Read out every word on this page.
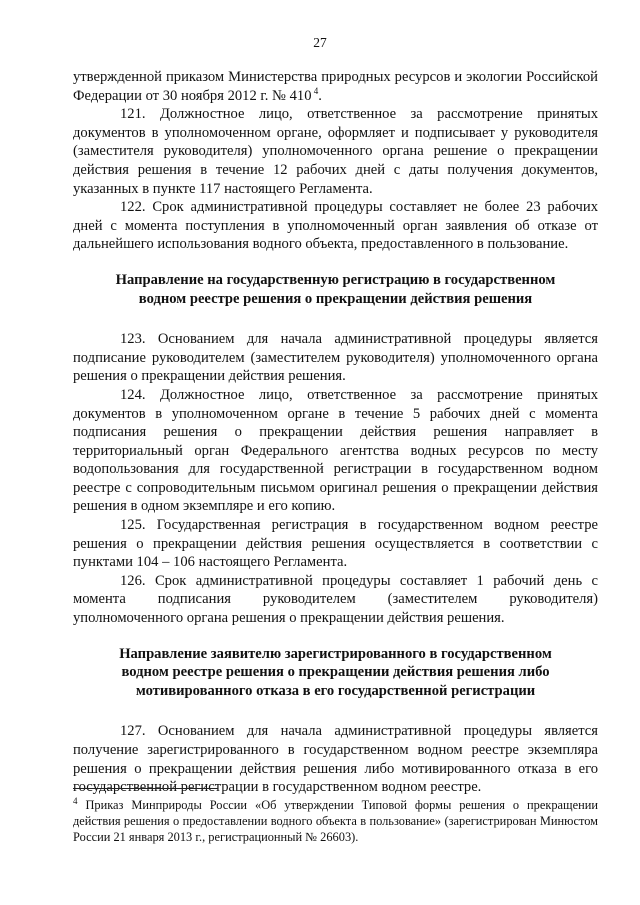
27

утвержденной приказом Министерства природных ресурсов и экологии Российской Федерации от 30 ноября 2012 г. № 410 $^4$.

121. Должностное лицо, ответственное за рассмотрение принятых документов в уполномоченном органе, оформляет и подписывает у руководителя (заместителя руководителя) уполномоченного органа решение о прекращении действия решения в течение 12 рабочих дней с даты получения документов, указанных в пункте 117 настоящего Регламента.

122. Срок административной процедуры составляет не более 23 рабочих дней с момента поступления в уполномоченный орган заявления об отказе от дальнейшего использования водного объекта, предоставленного в пользование.

Направление на государственную регистрацию в государственном водном реестре решения о прекращении действия решения

123. Основанием для начала административной процедуры является подписание руководителем (заместителем руководителя) уполномоченного органа решения о прекращении действия решения.

124. Должностное лицо, ответственное за рассмотрение принятых документов в уполномоченном органе в течение 5 рабочих дней с момента подписания решения о прекращении действия решения направляет в территориальный орган Федерального агентства водных ресурсов по месту водопользования для государственной регистрации в государственном водном реестре с сопроводительным письмом оригинал решения о прекращении действия решения в одном экземпляре и его копию.

125. Государственная регистрация в государственном водном реестре решения о прекращении действия решения осуществляется в соответствии с пунктами 104 – 106 настоящего Регламента.

126. Срок административной процедуры составляет 1 рабочий день с момента подписания руководителем (заместителем руководителя) уполномоченного органа решения о прекращении действия решения.

Направление заявителю зарегистрированного в государственном водном реестре решения о прекращении действия решения либо мотивированного отказа в его государственной регистрации

127. Основанием для начала административной процедуры является получение зарегистрированного в государственном водном реестре экземпляра решения о прекращении действия решения либо мотивированного отказа в его государственной регистрации в государственном водном реестре.

$^4$ Приказ Минприроды России «Об утверждении Типовой формы решения о прекращении действия решения о предоставлении водного объекта в пользование» (зарегистрирован Минюстом России 21 января 2013 г., регистрационный № 26603).
